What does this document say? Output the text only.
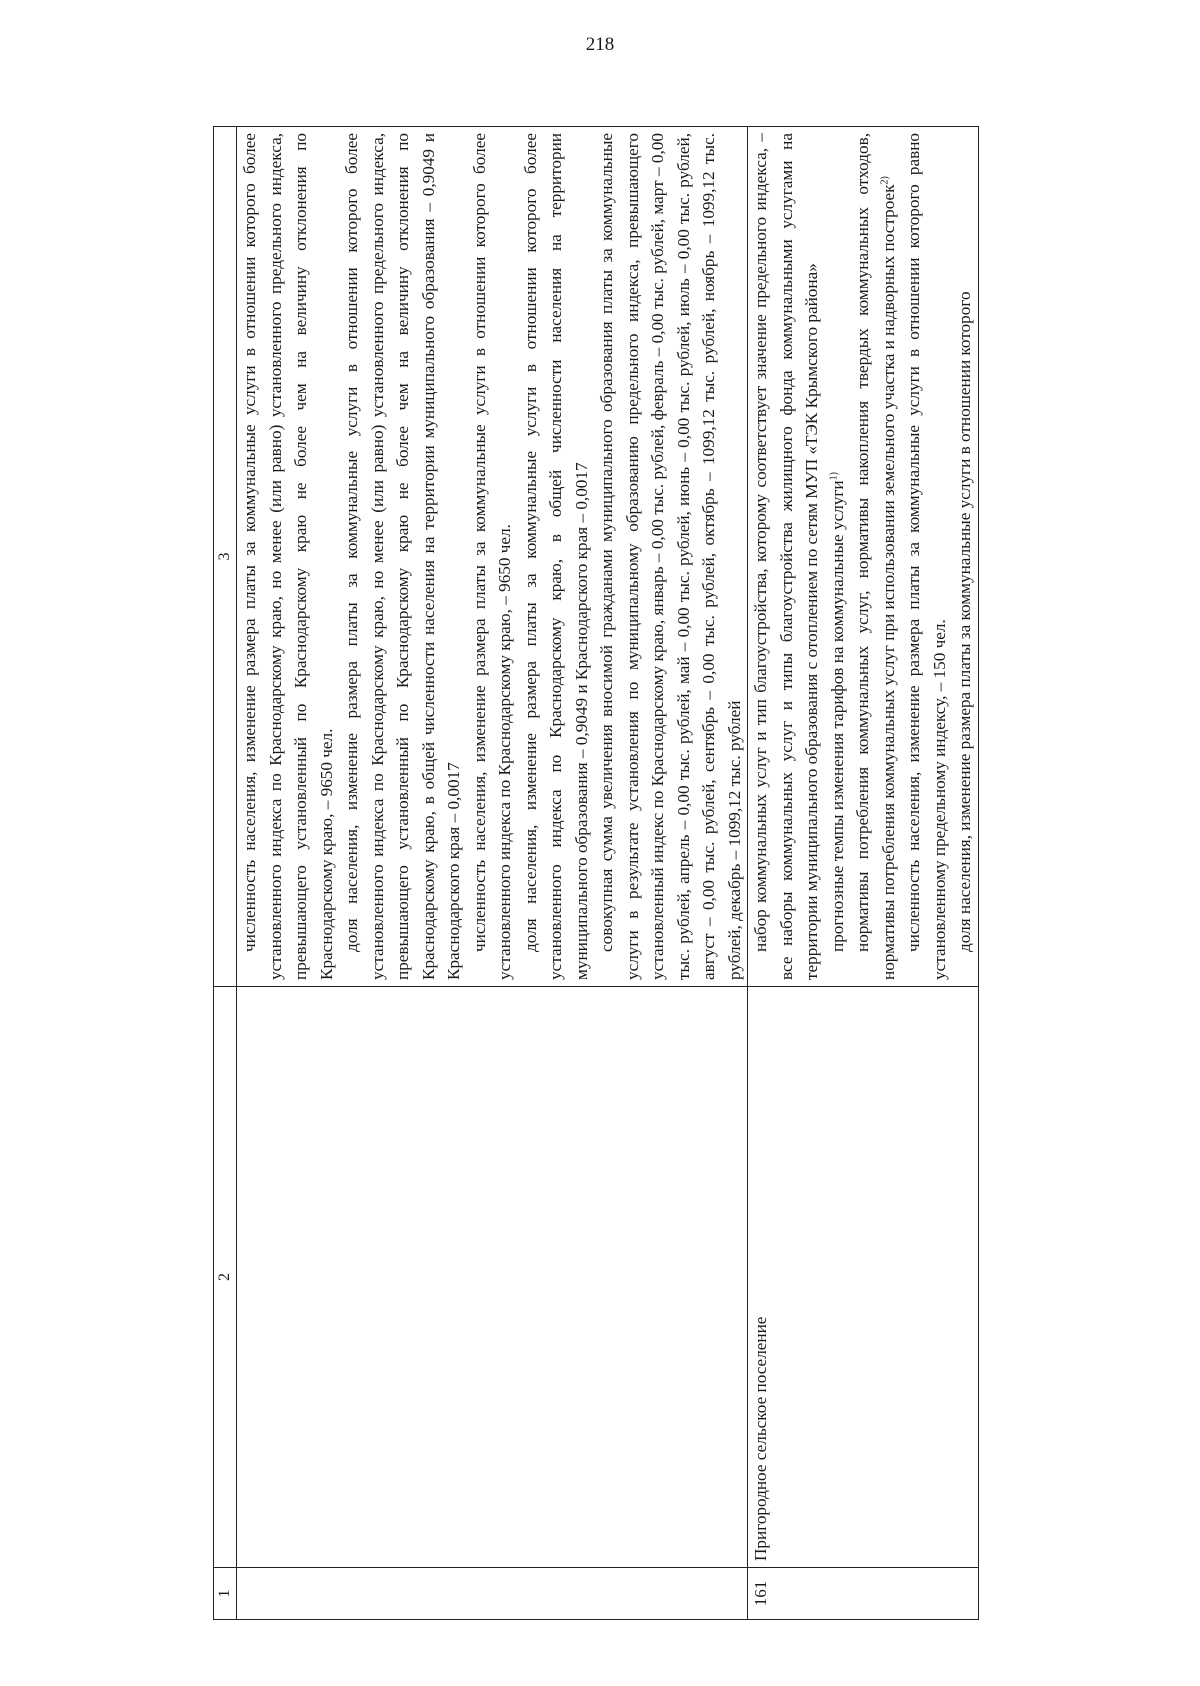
218
1	2	3

		численность населения, изменение размера платы за коммунальные услуги в отношении которого более установленного индекса по Краснодарскому краю, но менее (или равно) установленного предельного индекса, превышающего установленный по Краснодарскому краю не более чем на величину отклонения по Краснодарскому краю, – 9650 чел. доля населения, изменение размера платы за коммунальные услуги в отношении которого более установленного индекса по Краснодарскому краю, но менее (или равно) установленного предельного индекса, превышающего установленный по Краснодарскому краю не более чем на величину отклонения по Краснодарскому краю, в общей численности населения на территории муниципального образования – 0,9049 и Краснодарского края – 0,0017 численность населения, изменение размера платы за коммунальные услуги в отношении которого более установленного индекса по Краснодарскому краю, – 9650 чел. доля населения, изменение размера платы за коммунальные услуги в отношении которого более установленного индекса по Краснодарскому краю, в общей численности населения на территории муниципального образования – 0,9049 и Краснодарского края – 0,0017 совокупная сумма увеличения вносимой гражданами муниципального образования платы за коммунальные услуги в результате установления по муниципальному образованию предельного индекса, превышающего установленный индекс по Краснодарскому краю, январь – 0,00 тыс. рублей, февраль – 0,00 тыс. рублей, март – 0,00 тыс. рублей, апрель – 0,00 тыс. рублей, май – 0,00 тыс. рублей, июнь – 0,00 тыс. рублей, июль – 0,00 тыс. рублей, август – 0,00 тыс. рублей, сентябрь – 0,00 тыс. рублей, октябрь – 1099,12 тыс. рублей, ноябрь – 1099,12 тыс. рублей, декабрь – 1099,12 тыс. рублей

161	Пригородное сельское поселение	набор коммунальных услуг и тип благоустройства, которому соответствует значение предельного индекса, – все наборы коммунальных услуг и типы благоустройства жилищного фонда коммунальными услугами на территории муниципального образования с отоплением по сетям МУП «ТЭК Крымского района» прогнозные темпы изменения тарифов на коммунальные услуги$^{1)}$ нормативы потребления коммунальных услуг, нормативы накопления твердых коммунальных отходов, нормативы потребления коммунальных услуг при использовании земельного участка и надворных построек$^{2)}$ численность населения, изменение размера платы за коммунальные услуги в отношении которого равно установленному предельному индексу, – 150 чел. доля населения, изменение размера платы за коммунальные услуги в отношении которого
